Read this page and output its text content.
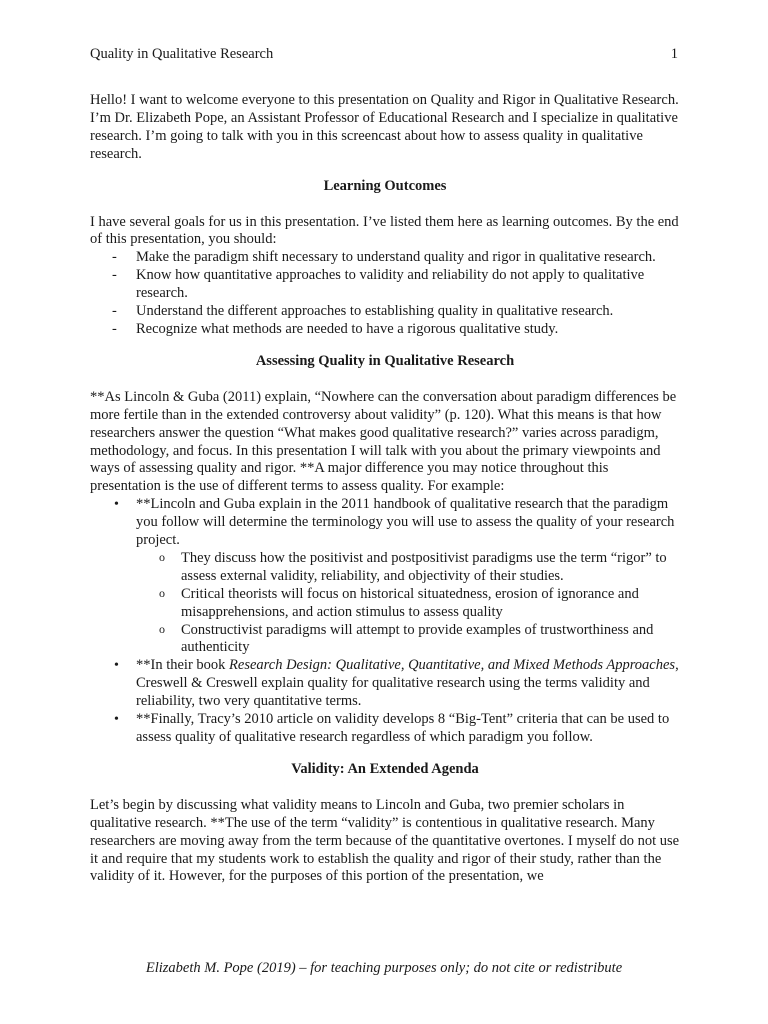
Quality in Qualitative Research	1

Hello! I want to welcome everyone to this presentation on Quality and Rigor in Qualitative Research. I’m Dr. Elizabeth Pope, an Assistant Professor of Educational Research and I specialize in qualitative research. I’m going to talk with you in this screencast about how to assess quality in qualitative research.

Learning Outcomes

I have several goals for us in this presentation. I’ve listed them here as learning outcomes. By the end of this presentation, you should:

- Make the paradigm shift necessary to understand quality and rigor in qualitative research.
- Know how quantitative approaches to validity and reliability do not apply to qualitative research.
- Understand the different approaches to establishing quality in qualitative research.
- Recognize what methods are needed to have a rigorous qualitative study.

Assessing Quality in Qualitative Research

**As Lincoln & Guba (2011) explain, “Nowhere can the conversation about paradigm differences be more fertile than in the extended controversy about validity” (p. 120). What this means is that how researchers answer the question “What makes good qualitative research?” varies across paradigm, methodology, and focus. In this presentation I will talk with you about the primary viewpoints and ways of assessing quality and rigor. **A major difference you may notice throughout this presentation is the use of different terms to assess quality. For example:

• **Lincoln and Guba explain in the 2011 handbook of qualitative research that the paradigm you follow will determine the terminology you will use to assess the quality of your research project.
o They discuss how the positivist and postpositivist paradigms use the term “rigor” to assess external validity, reliability, and objectivity of their studies.
o Critical theorists will focus on historical situatedness, erosion of ignorance and misapprehensions, and action stimulus to assess quality
o Constructivist paradigms will attempt to provide examples of trustworthiness and authenticity
• **In their book Research Design: Qualitative, Quantitative, and Mixed Methods Approaches, Creswell & Creswell explain quality for qualitative research using the terms validity and reliability, two very quantitative terms.
• **Finally, Tracy’s 2010 article on validity develops 8 “Big-Tent” criteria that can be used to assess quality of qualitative research regardless of which paradigm you follow.

Validity: An Extended Agenda

Let’s begin by discussing what validity means to Lincoln and Guba, two premier scholars in qualitative research. **The use of the term “validity” is contentious in qualitative research. Many researchers are moving away from the term because of the quantitative overtones. I myself do not use it and require that my students work to establish the quality and rigor of their study, rather than the validity of it. However, for the purposes of this portion of the presentation, we

Elizabeth M. Pope (2019) – for teaching purposes only; do not cite or redistribute
